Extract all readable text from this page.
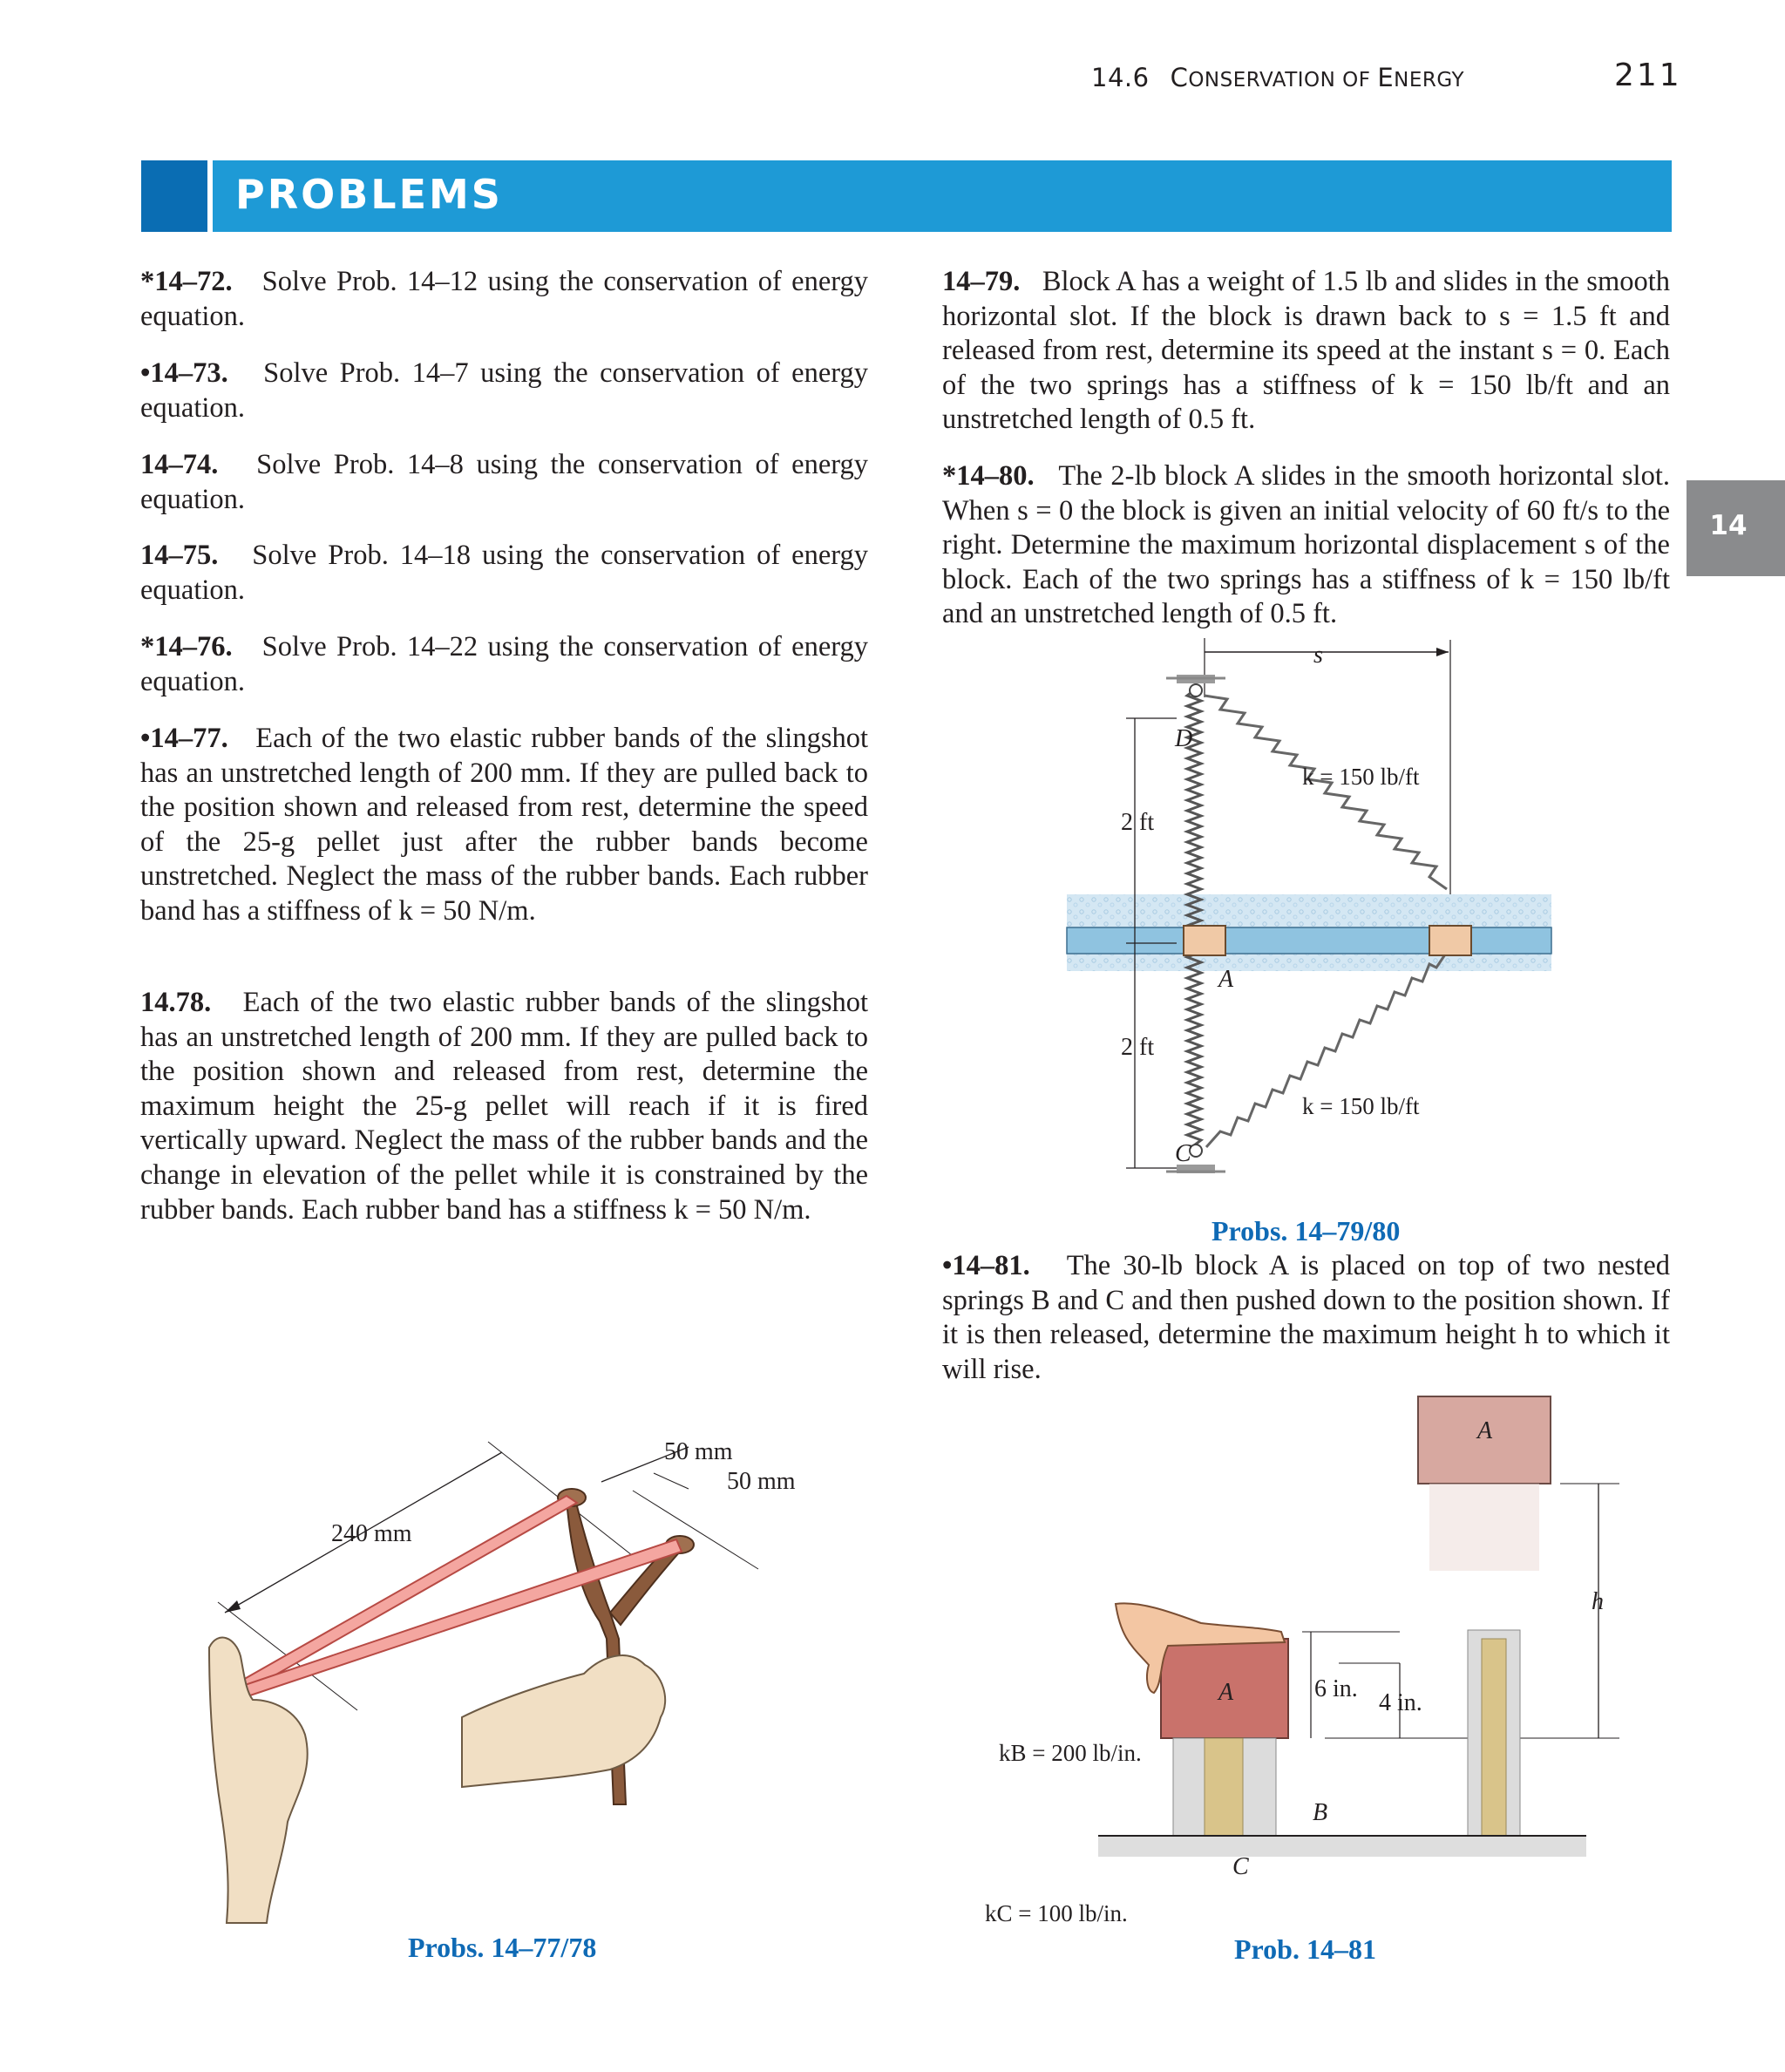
14.6 CONSERVATION OF ENERGY	211
PROBLEMS
14

*14–72. Solve Prob. 14–12 using the conservation of energy equation.

•14–73. Solve Prob. 14–7 using the conservation of energy equation.

14–74. Solve Prob. 14–8 using the conservation of energy equation.

14–75. Solve Prob. 14–18 using the conservation of energy equation.

*14–76. Solve Prob. 14–22 using the conservation of energy equation.

•14–77. Each of the two elastic rubber bands of the slingshot has an unstretched length of 200 mm. If they are pulled back to the position shown and released from rest, determine the speed of the 25-g pellet just after the rubber bands become unstretched. Neglect the mass of the rubber bands. Each rubber band has a stiffness of k = 50 N/m.

14.78. Each of the two elastic rubber bands of the slingshot has an unstretched length of 200 mm. If they are pulled back to the position shown and released from rest, determine the maximum height the 25-g pellet will reach if it is fired vertically upward. Neglect the mass of the rubber bands and the change in elevation of the pellet while it is constrained by the rubber bands. Each rubber band has a stiffness k = 50 N/m.

14–79. Block A has a weight of 1.5 lb and slides in the smooth horizontal slot. If the block is drawn back to s = 1.5 ft and released from rest, determine its speed at the instant s = 0. Each of the two springs has a stiffness of k = 150 lb/ft and an unstretched length of 0.5 ft.

*14–80. The 2-lb block A slides in the smooth horizontal slot. When s = 0 the block is given an initial velocity of 60 ft/s to the right. Determine the maximum horizontal displacement s of the block. Each of the two springs has a stiffness of k = 150 lb/ft and an unstretched length of 0.5 ft.

•14–81. The 30-lb block A is placed on top of two nested springs B and C and then pushed down to the position shown. If it is then released, determine the maximum height h to which it will rise.

s
D
C
k = 150 lb/ft
k = 150 lb/ft
A
2 ft
2 ft
Probs. 14–79/80
240 mm
50 mm
50 mm
Probs. 14–77/78
A
h
A	6 in.
4 in.
kB = 200 lb/in.
B
C
kC = 100 lb/in.
Prob. 14–81
